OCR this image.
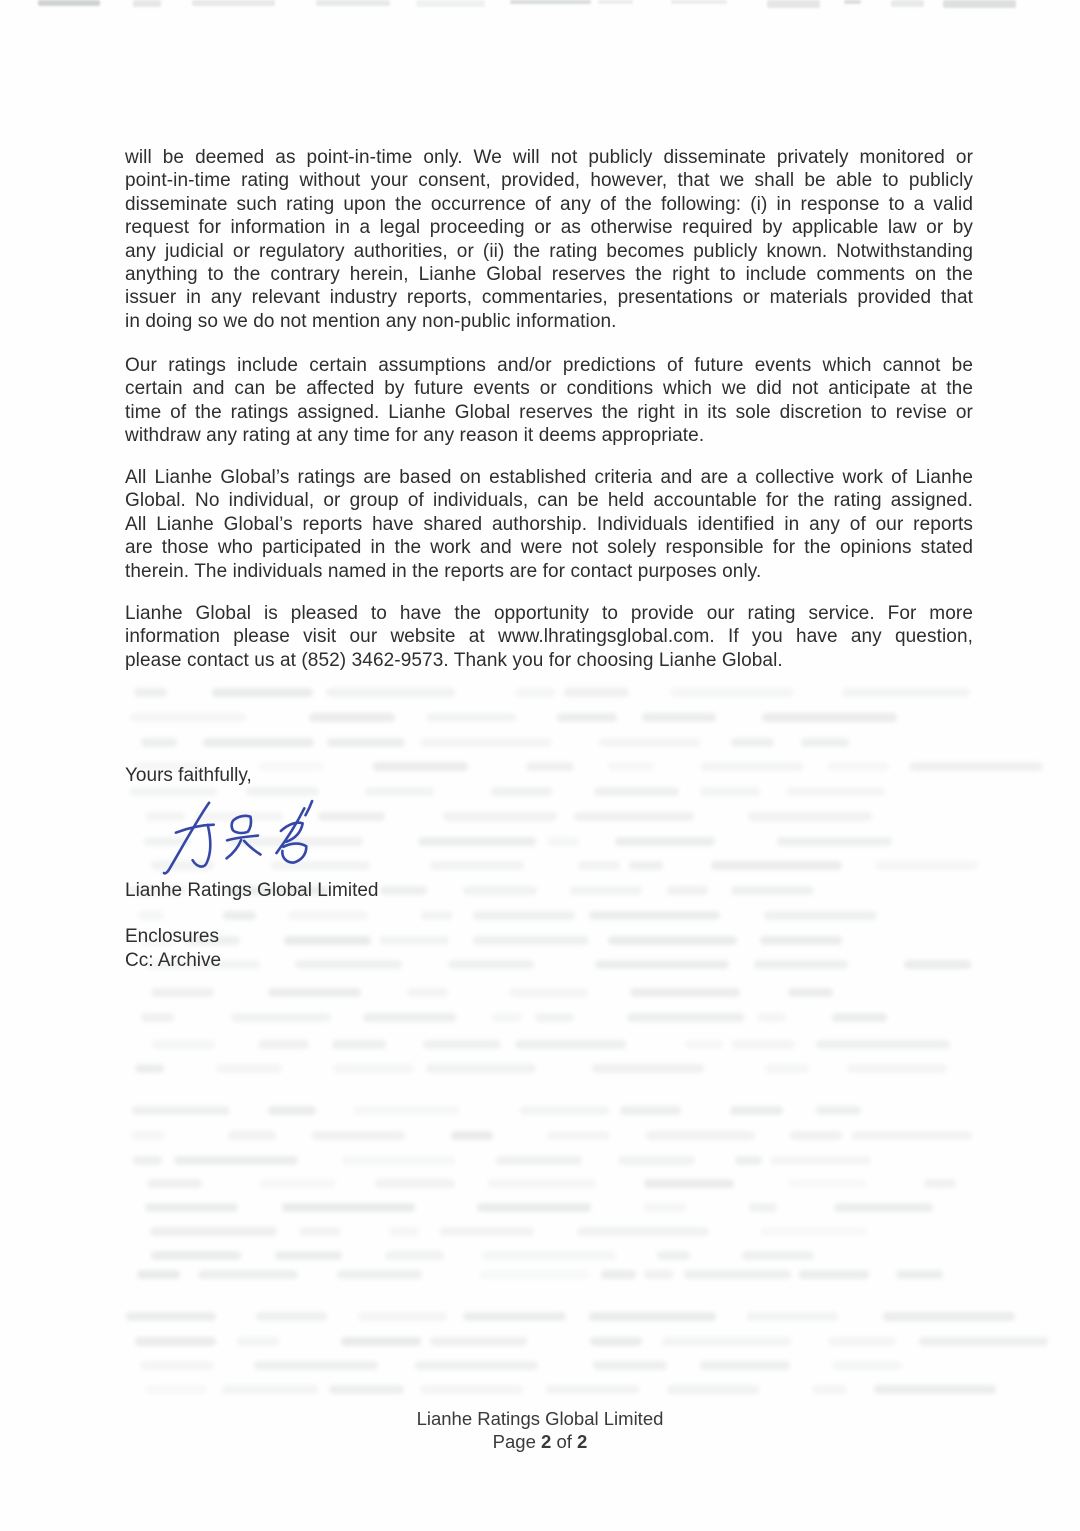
will be deemed as point-in-time only. We will not publicly disseminate privately monitored or
point-in-time rating without your consent, provided, however, that we shall be able to publicly
disseminate such rating upon the occurrence of any of the following: (i) in response to a valid
request for information in a legal proceeding or as otherwise required by applicable law or by
any judicial or regulatory authorities, or (ii) the rating becomes publicly known. Notwithstanding
anything to the contrary herein, Lianhe Global reserves the right to include comments on the
issuer in any relevant industry reports, commentaries, presentations or materials provided that
in doing so we do not mention any non-public information.
Our ratings include certain assumptions and/or predictions of future events which cannot be
certain and can be affected by future events or conditions which we did not anticipate at the
time of the ratings assigned. Lianhe Global reserves the right in its sole discretion to revise or
withdraw any rating at any time for any reason it deems appropriate.
All Lianhe Global’s ratings are based on established criteria and are a collective work of Lianhe
Global. No individual, or group of individuals, can be held accountable for the rating assigned.
All Lianhe Global’s reports have shared authorship. Individuals identified in any of our reports
are those who participated in the work and were not solely responsible for the opinions stated
therein. The individuals named in the reports are for contact purposes only.
Lianhe Global is pleased to have the opportunity to provide our rating service. For more
information please visit our website at www.lhratingsglobal.com. If you have any question,
please contact us at (852) 3462-9573. Thank you for choosing Lianhe Global.
Yours faithfully,
Lianhe Ratings Global Limited
Enclosures
Cc: Archive
Lianhe Ratings Global Limited
Page 2 of 2
